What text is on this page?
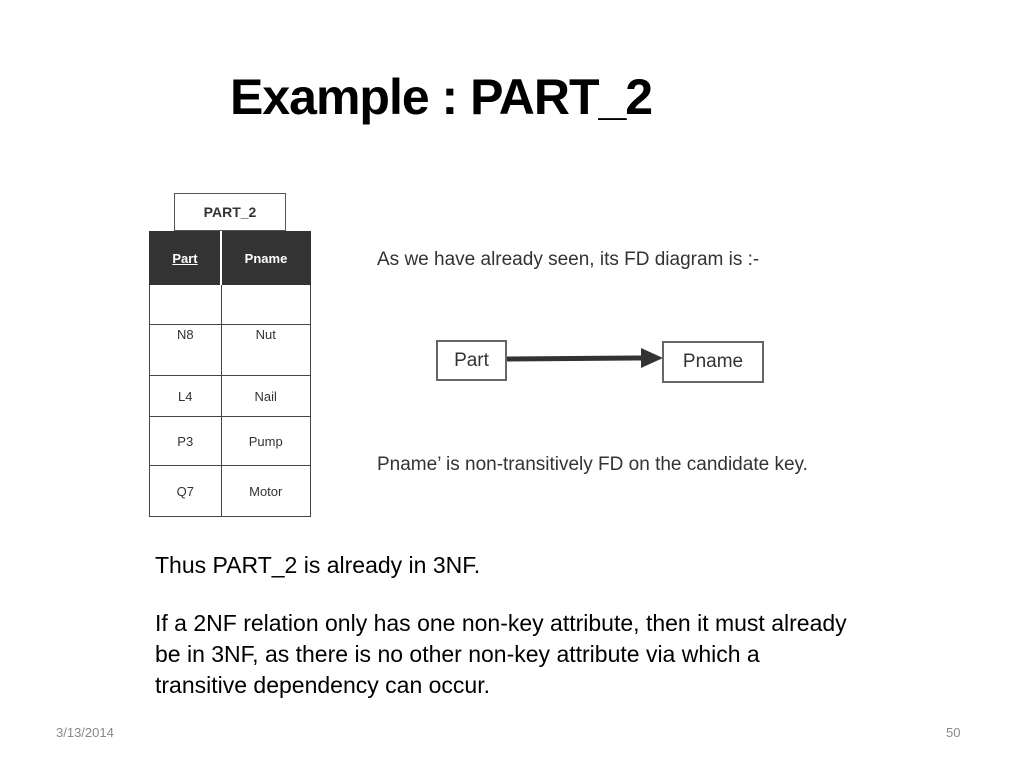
Example : PART_2
PART_2
Part	Pname

N8	Nut
L4	Nail
P3	Pump
Q7	Motor
As we have already seen, its FD diagram is :-
Part	Pname
Pname’ is non-transitively FD on the candidate key.
Thus PART_2 is already in 3NF.
If a 2NF relation only has one non-key attribute, then it must already be in 3NF, as there is no other non-key attribute via which a transitive dependency can occur.
3/13/2014	50
